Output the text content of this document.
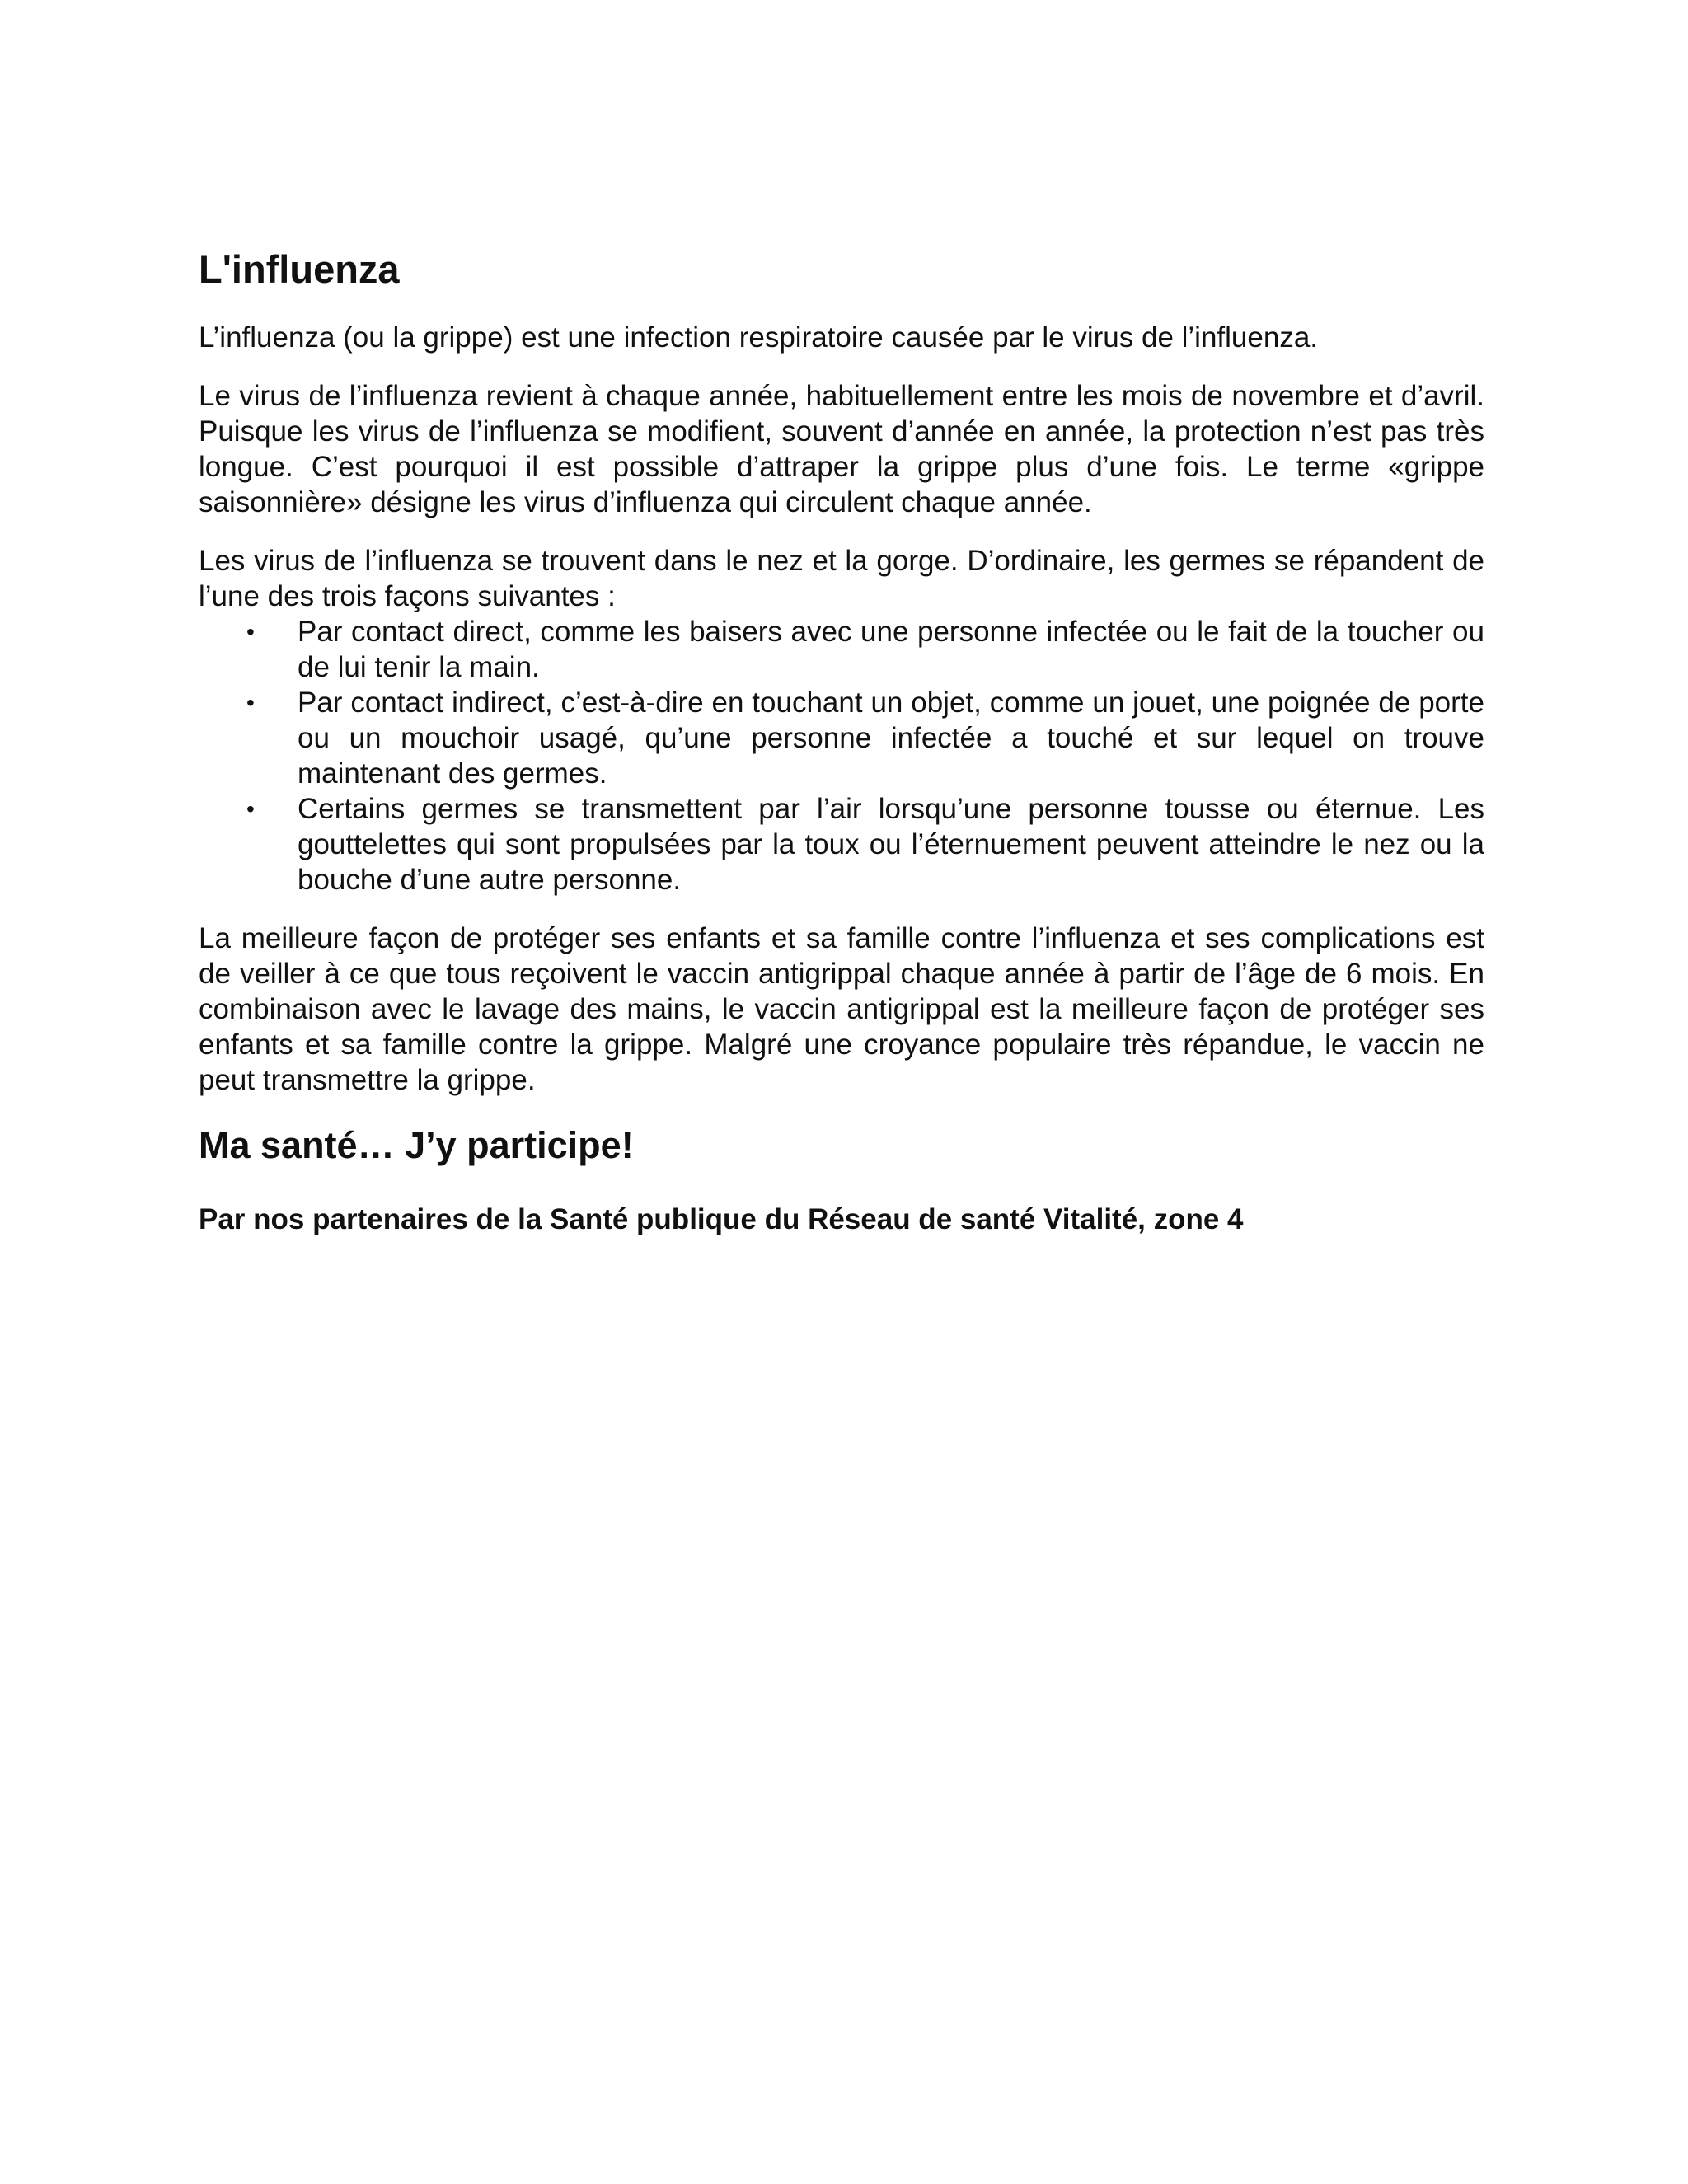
L'influenza

L’influenza (ou la grippe) est une infection respiratoire causée par le virus de l’influenza.

Le virus de l’influenza revient à chaque année, habituellement entre les mois de novembre et d’avril. Puisque les virus de l’influenza se modifient, souvent d’année en année, la protection n’est pas très longue. C’est pourquoi il est possible d’attraper la grippe plus d’une fois. Le terme «grippe saisonnière» désigne les virus d’influenza qui circulent chaque année.

Les virus de l’influenza se trouvent dans le nez et la gorge. D’ordinaire, les germes se répandent de l’une des trois façons suivantes :

• Par contact direct, comme les baisers avec une personne infectée ou le fait de la toucher ou de lui tenir la main.
• Par contact indirect, c’est-à-dire en touchant un objet, comme un jouet, une poignée de porte ou un mouchoir usagé, qu’une personne infectée a touché et sur lequel on trouve maintenant des germes.
• Certains germes se transmettent par l’air lorsqu’une personne tousse ou éternue. Les gouttelettes qui sont propulsées par la toux ou l’éternuement peuvent atteindre le nez ou la bouche d’une autre personne.

La meilleure façon de protéger ses enfants et sa famille contre l’influenza et ses complications est de veiller à ce que tous reçoivent le vaccin antigrippal chaque année à partir de l’âge de 6 mois. En combinaison avec le lavage des mains, le vaccin antigrippal est la meilleure façon de protéger ses enfants et sa famille contre la grippe. Malgré une croyance populaire très répandue, le vaccin ne peut transmettre la grippe.

Ma santé… J’y participe!

Par nos partenaires de la Santé publique du Réseau de santé Vitalité, zone 4
